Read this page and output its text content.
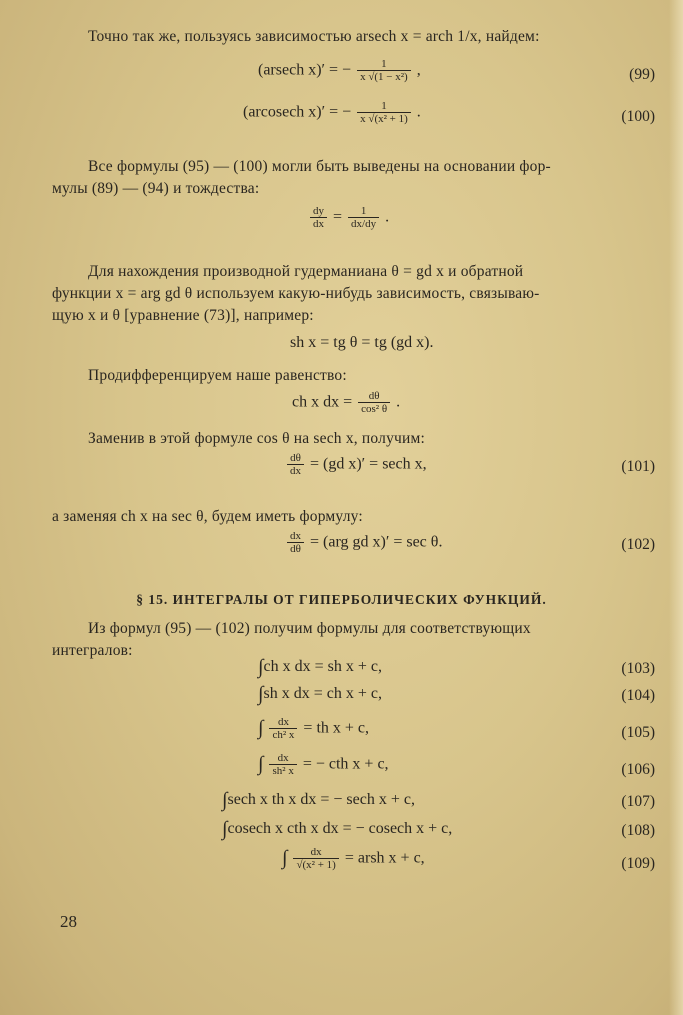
Точно так же, пользуясь зависимостью arsech x = arch 1/x, найдем:
(arsech x)′ = − $\frac{1}{\text{x √(1 − x²)}}$ ,	(99)
(arcosech x)′ = − $\frac{1}{\text{x √(x² + 1)}}$ .	(100)
Все формулы (95) — (100) могли быть выведены на основании фор-
мулы (89) — (94) и тождества:
$\frac{dy}{dx} = \frac{1}{dx/dy}$ .
Для нахождения производной гудерманиана θ = gd x и обратной
функции x = arg gd θ используем какую-нибудь зависимость, связываю-
щую x и θ [уравнение (73)], например:
sh x = tg θ = tg (gd x).
Продифференцируем наше равенство:
ch x dx = $\frac{d\theta}{\text{cos² θ}}$ .
Заменив в этой формуле cos θ на sech x, получим:
$\frac{d\theta}{dx} = (gd$ x)′ = sech x,	(101)
а заменяя ch x на sec θ, будем иметь формулу:
$\frac{dx}{d\theta} = (arg$ gd x)′ = sec θ.	(102)
§ 15. ИНТЕГРАЛЫ ОТ ГИПЕРБОЛИЧЕСКИХ ФУНКЦИЙ.
Из формул (95) — (102) получим формулы для соответствующих
интегралов:
∫ch x dx = sh x + c,	(103)
∫sh x dx = ch x + c,	(104)
∫ $\frac{dx}{\text{ch² x}}$ = th x + c,	(105)
∫ $\frac{dx}{\text{sh² x}}$ = − cth x + c,	(106)
∫sech x th x dx = − sech x + c,	(107)
∫cosech x cth x dx = − cosech x + c,	(108)
∫ $\frac{dx}{\text{√(x² + 1)}}$ = arsh x + c,	(109)
28
